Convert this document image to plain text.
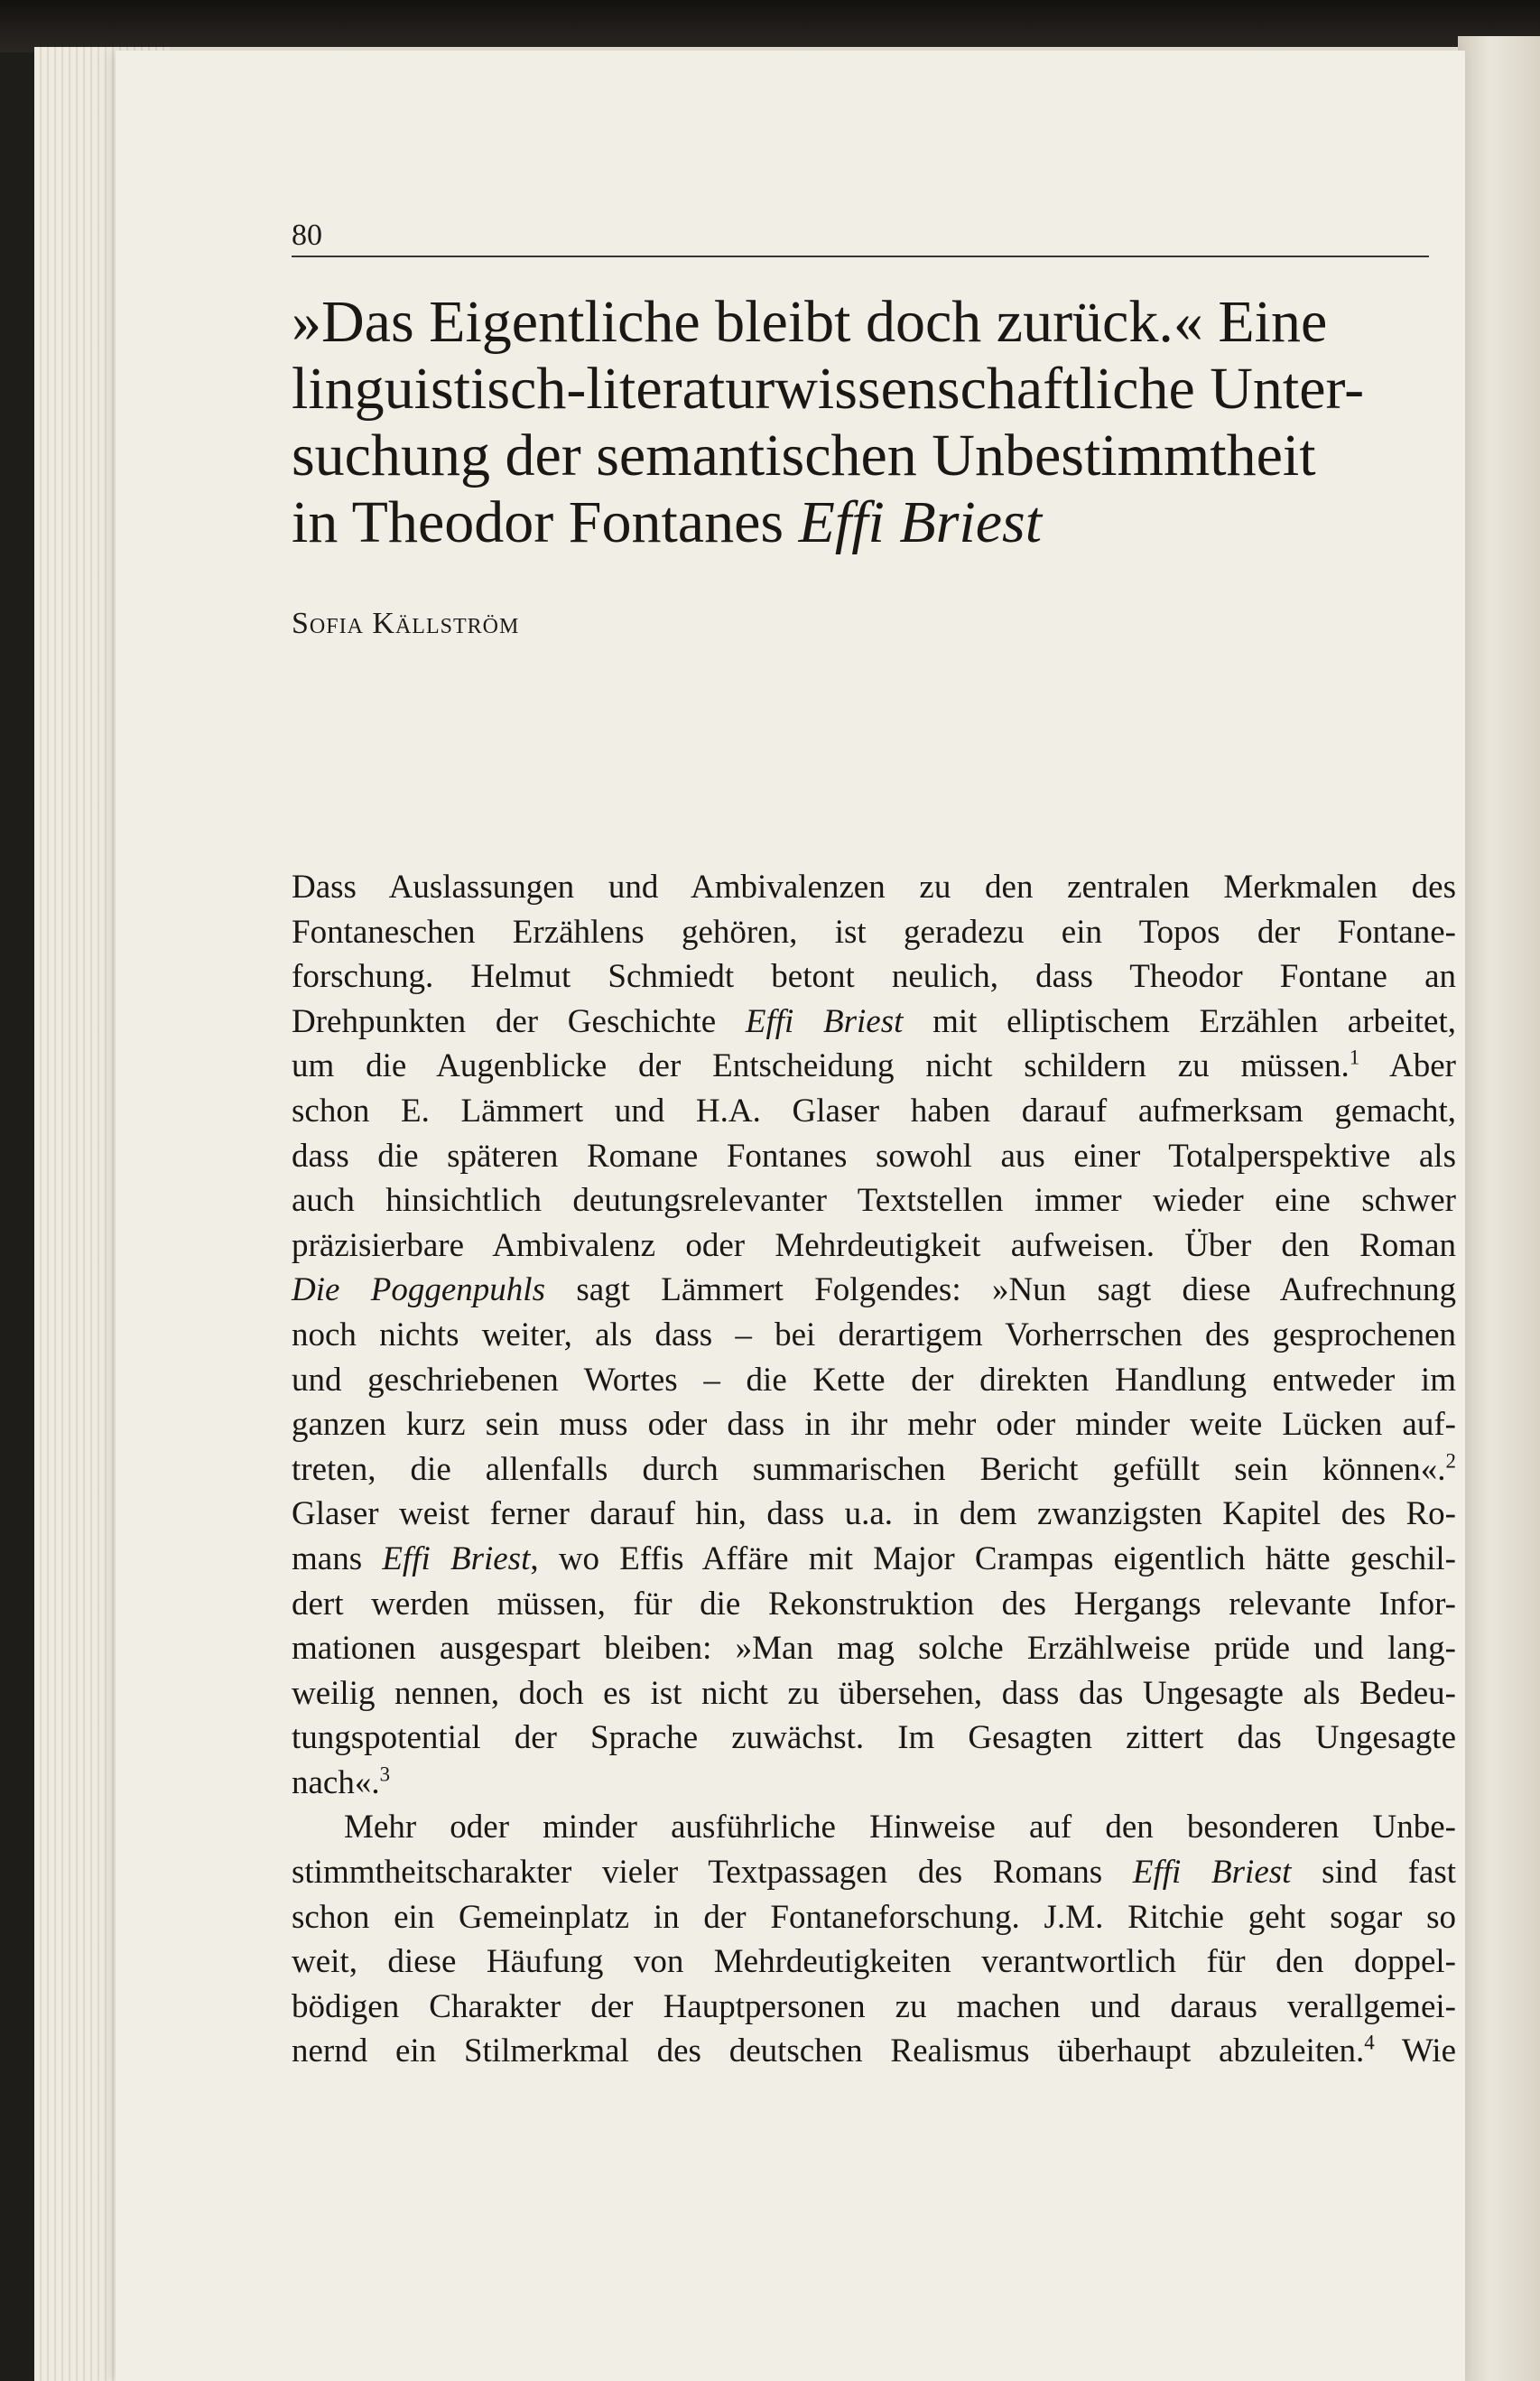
80
»Das Eigentliche bleibt doch zurück.« Eine
linguistisch-literaturwissenschaftliche Unter-
suchung der semantischen Unbestimmtheit
in Theodor Fontanes Effi Briest
Sofia Källström
Dass Auslassungen und Ambivalenzen zu den zentralen Merkmalen des
Fontaneschen Erzählens gehören, ist geradezu ein Topos der Fontane-
forschung. Helmut Schmiedt betont neulich, dass Theodor Fontane an
Drehpunkten der Geschichte Effi Briest mit elliptischem Erzählen arbeitet,
um die Augenblicke der Entscheidung nicht schildern zu müssen.$^1$ Aber
schon E. Lämmert und H.A. Glaser haben darauf aufmerksam gemacht,
dass die späteren Romane Fontanes sowohl aus einer Totalperspektive als
auch hinsichtlich deutungsrelevanter Textstellen immer wieder eine schwer
präzisierbare Ambivalenz oder Mehrdeutigkeit aufweisen. Über den Roman
Die Poggenpuhls sagt Lämmert Folgendes: »Nun sagt diese Aufrechnung
noch nichts weiter, als dass – bei derartigem Vorherrschen des gesprochenen
und geschriebenen Wortes – die Kette der direkten Handlung entweder im
ganzen kurz sein muss oder dass in ihr mehr oder minder weite Lücken auf-
treten, die allenfalls durch summarischen Bericht gefüllt sein können«.$^2$
Glaser weist ferner darauf hin, dass u.a. in dem zwanzigsten Kapitel des Ro-
mans Effi Briest, wo Effis Affäre mit Major Crampas eigentlich hätte geschil-
dert werden müssen, für die Rekonstruktion des Hergangs relevante Infor-
mationen ausgespart bleiben: »Man mag solche Erzählweise prüde und lang-
weilig nennen, doch es ist nicht zu übersehen, dass das Ungesagte als Bedeu-
tungspotential der Sprache zuwächst. Im Gesagten zittert das Ungesagte
nach«.$^3$
Mehr oder minder ausführliche Hinweise auf den besonderen Unbe-
stimmtheitscharakter vieler Textpassagen des Romans Effi Briest sind fast
schon ein Gemeinplatz in der Fontaneforschung. J.M. Ritchie geht sogar so
weit, diese Häufung von Mehrdeutigkeiten verantwortlich für den doppel-
bödigen Charakter der Hauptpersonen zu machen und daraus verallgemei-
nernd ein Stilmerkmal des deutschen Realismus überhaupt abzuleiten.$^4$ Wie
